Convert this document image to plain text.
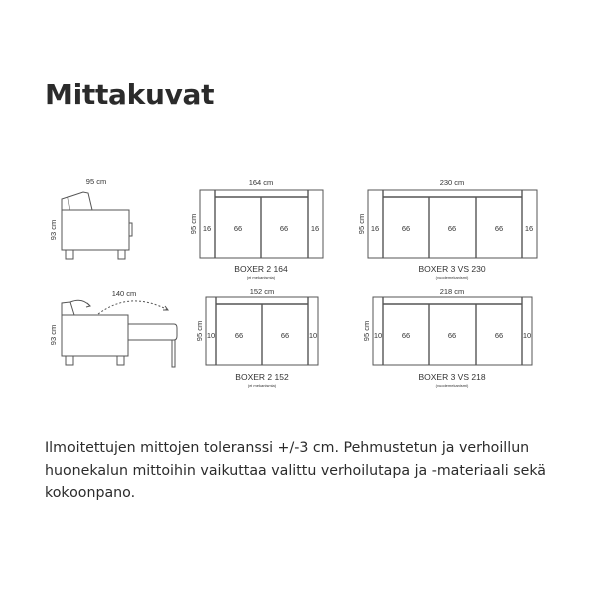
Mittakuvat
95 cm
93 cm
140 cm
93 cm
164 cm
95 cm 16	66	66	16
BOXER 2 164
(ei mekanismia)
230 cm
95 cm 16	66	66	66	16
BOXER 3 VS 230
(vuodemekanismi)
152 cm
95 cm 10	66	66	10
BOXER 2 152
(ei mekanismia)
218 cm
95 cm 10	66	66	66	10
BOXER 3 VS 218
(vuodemekanismi)

Ilmoitettujen mittojen toleranssi +/-3 cm. Pehmustetun ja verhoillun huonekalun mittoihin vaikuttaa valittu verhoilutapa ja -materiaali sekä kokoonpano.
